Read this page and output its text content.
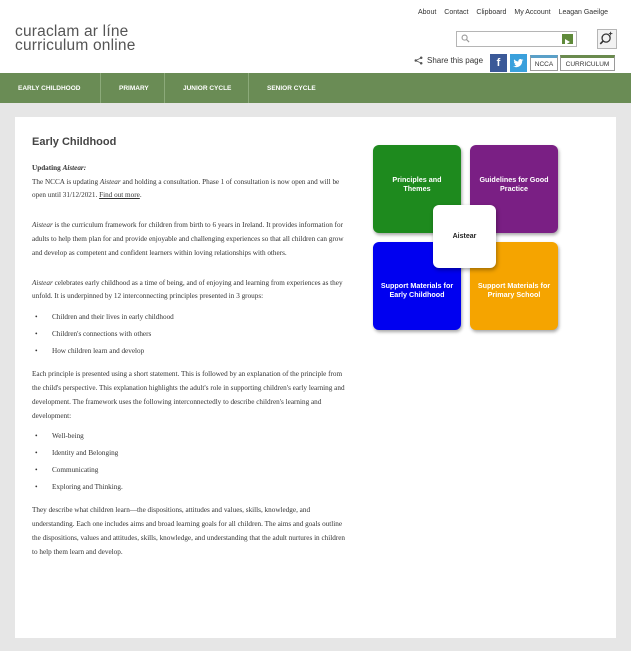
curaclam ar líne
curriculum online
About Contact Clipboard My Account Leagan Gaeilge
Share this page f	NCCA	CURRICULUM
EARLY CHILDHOOD	PRIMARY	JUNIOR CYCLE	SENIOR CYCLE
Early Childhood
Updating Aistear:

The NCCA is updating Aistear and holding a consultation. Phase 1 of consultation is now open and will be open until 31/12/2021. Find out more.

Aistear is the curriculum framework for children from birth to 6 years in Ireland. It provides information for adults to help them plan for and provide enjoyable and challenging experiences so that all children can grow and develop as competent and confident learners within loving relationships with others.

Aistear celebrates early childhood as a time of being, and of enjoying and learning from experiences as they unfold. It is underpinned by 12 interconnecting principles presented in 3 groups:

• Children and their lives in early childhood
• Children's connections with others
• How children learn and develop

Each principle is presented using a short statement. This is followed by an explanation of the principle from the child's perspective. This explanation highlights the adult's role in supporting children's early learning and development. The framework uses the following interconnectedly to describe children's learning and development:

• Well-being
• Identity and Belonging
• Communicating
• Exploring and Thinking.

They describe what children learn—the dispositions, attitudes and values, skills, knowledge, and understanding. Each one includes aims and broad learning goals for all children. The aims and goals outline the dispositions, values and attitudes, skills, knowledge, and understanding that the adult nurtures in children to help them learn and develop.

Principles and Themes
Guidelines for Good Practice
Support Materials for Early Childhood
Support Materials for Primary School
Aistear
